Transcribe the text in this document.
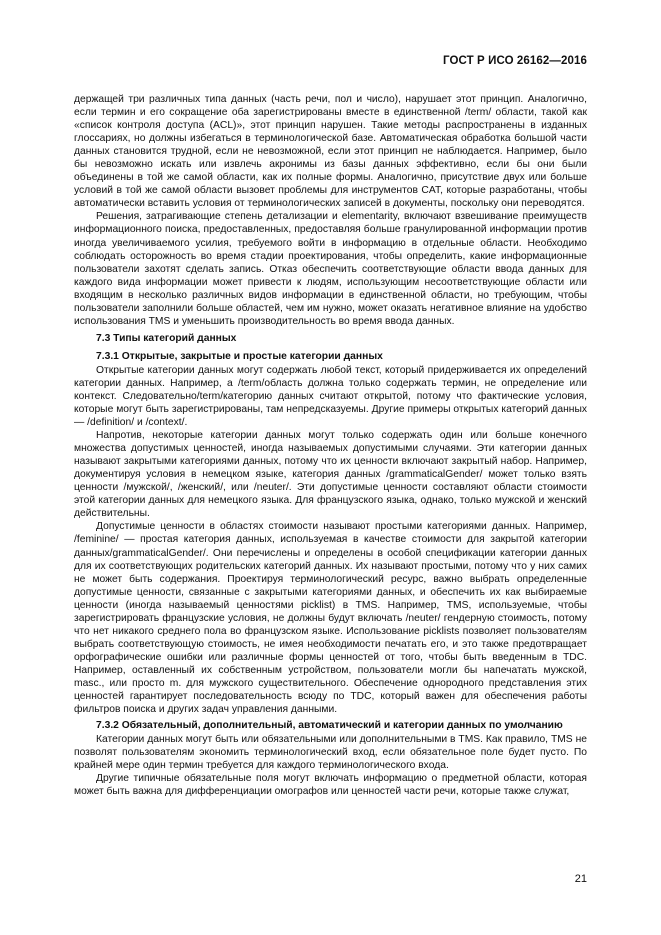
ГОСТ Р ИСО 26162—2016

держащей три различных типа данных (часть речи, пол и число), нарушает этот принцип. Аналогично, если термин и его сокращение оба зарегистрированы вместе в единственной /term/ области, такой как «список контроля доступа (ACL)», этот принцип нарушен. Такие методы распространены в изданных глоссариях, но должны избегаться в терминологической базе. Автоматическая обработка большой части данных становится трудной, если не невозможной, если этот принцип не наблюдается. Например, было бы невозможно искать или извлечь акронимы из базы данных эффективно, если бы они были объединены в той же самой области, как их полные формы. Аналогично, присутствие двух или больше условий в той же самой области вызовет проблемы для инструментов CAT, которые разработаны, чтобы автоматически вставить условия от терминологических записей в документы, поскольку они переводятся.

Решения, затрагивающие степень детализации и elementarity, включают взвешивание преимуществ информационного поиска, предоставленных, предоставляя больше гранулированной информации против иногда увеличиваемого усилия, требуемого войти в информацию в отдельные области. Необходимо соблюдать осторожность во время стадии проектирования, чтобы определить, какие информационные пользователи захотят сделать запись. Отказ обеспечить соответствующие области ввода данных для каждого вида информации может привести к людям, использующим несоответствующие области или входящим в несколько различных видов информации в единственной области, но требующим, чтобы пользователи заполнили больше областей, чем им нужно, может оказать негативное влияние на удобство использования TMS и уменьшить производительность во время ввода данных.

7.3 Типы категорий данных
7.3.1 Открытые, закрытые и простые категории данных

Открытые категории данных могут содержать любой текст, который придерживается их определений категории данных. Например, a /term/область должна только содержать термин, не определение или контекст. Следовательно/term/категорию данных считают открытой, потому что фактические условия, которые могут быть зарегистрированы, там непредсказуемы. Другие примеры открытых категорий данных — /definition/ и /context/.

Напротив, некоторые категории данных могут только содержать один или больше конечного множества допустимых ценностей, иногда называемых допустимыми случаями. Эти категории данных называют закрытыми категориями данных, потому что их ценности включают закрытый набор. Например, документируя условия в немецком языке, категория данных /grammaticalGender/ может только взять ценности /мужской/, /женский/, или /neuter/. Эти допустимые ценности составляют области стоимости этой категории данных для немецкого языка. Для французского языка, однако, только мужской и женский действительны.

Допустимые ценности в областях стоимости называют простыми категориями данных. Например, /feminine/ — простая категория данных, используемая в качестве стоимости для закрытой категории данных/grammaticalGender/. Они перечислены и определены в особой спецификации категории данных для их соответствующих родительских категорий данных. Их называют простыми, потому что у них самих не может быть содержания. Проектируя терминологический ресурс, важно выбрать определенные допустимые ценности, связанные с закрытыми категориями данных, и обеспечить их как выбираемые ценности (иногда называемый ценностями picklist) в TMS. Например, TMS, используемые, чтобы зарегистрировать французские условия, не должны будут включать /neuter/ гендерную стоимость, потому что нет никакого среднего пола во французском языке. Использование picklists позволяет пользователям выбрать соответствующую стоимость, не имея необходимости печатать его, и это также предотвращает орфографические ошибки или различные формы ценностей от того, чтобы быть введенным в TDC. Например, оставленный их собственным устройством, пользователи могли бы напечатать мужской, masc., или просто m. для мужского существительного. Обеспечение однородного представления этих ценностей гарантирует последовательность всюду по TDC, который важен для обеспечения работы фильтров поиска и других задач управления данными.

7.3.2 Обязательный, дополнительный, автоматический и категории данных по умолчанию

Категории данных могут быть или обязательными или дополнительными в TMS. Как правило, TMS не позволят пользователям экономить терминологический вход, если обязательное поле будет пусто. По крайней мере один термин требуется для каждого терминологического входа.

Другие типичные обязательные поля могут включать информацию о предметной области, которая может быть важна для дифференциации омографов или ценностей части речи, которые также служат,

21
